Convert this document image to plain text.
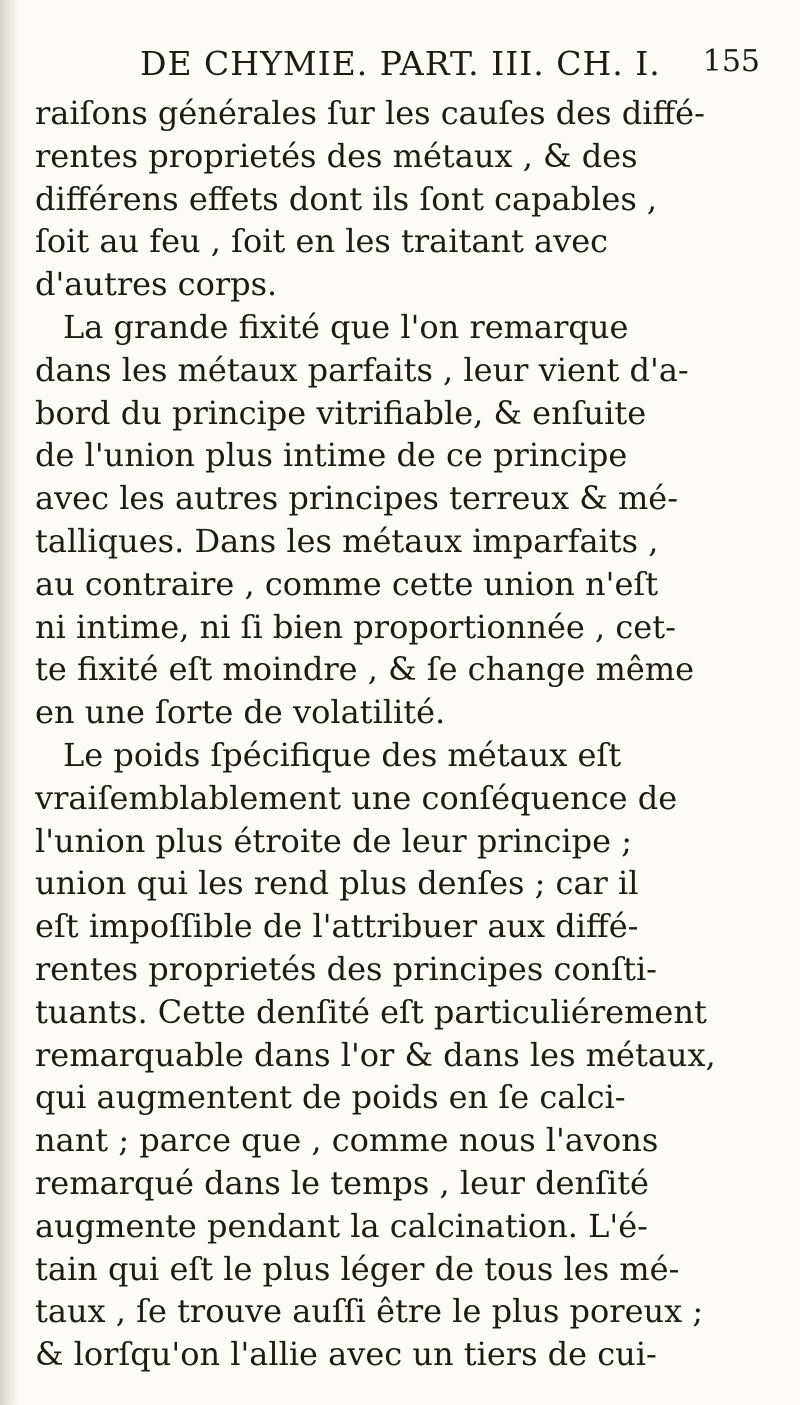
DE CHYMIE. PART. III. CH. I. 155
raiſons générales ſur les cauſes des diffé-
rentes proprietés des métaux , & des
différens effets dont ils ſont capables ,
ſoit au feu , ſoit en les traitant avec
d'autres corps.
La grande fixité que l'on remarque
dans les métaux parfaits , leur vient d'a-
bord du principe vitrifiable, & enſuite
de l'union plus intime de ce principe
avec les autres principes terreux & mé-
talliques. Dans les métaux imparfaits ,
au contraire , comme cette union n'eſt
ni intime, ni ſi bien proportionnée , cet-
te fixité eſt moindre , & ſe change même
en une ſorte de volatilité.
Le poids ſpécifique des métaux eſt
vraiſemblablement une conſéquence de
l'union plus étroite de leur principe ;
union qui les rend plus denſes ; car il
eſt impoſſible de l'attribuer aux diffé-
rentes proprietés des principes conſti-
tuants. Cette denſité eſt particuliérement
remarquable dans l'or & dans les métaux,
qui augmentent de poids en ſe calci-
nant ; parce que , comme nous l'avons
remarqué dans le temps , leur denſité
augmente pendant la calcination. L'é-
tain qui eſt le plus léger de tous les mé-
taux , ſe trouve auſſi être le plus poreux ;
& lorſqu'on l'allie avec un tiers de cui-
